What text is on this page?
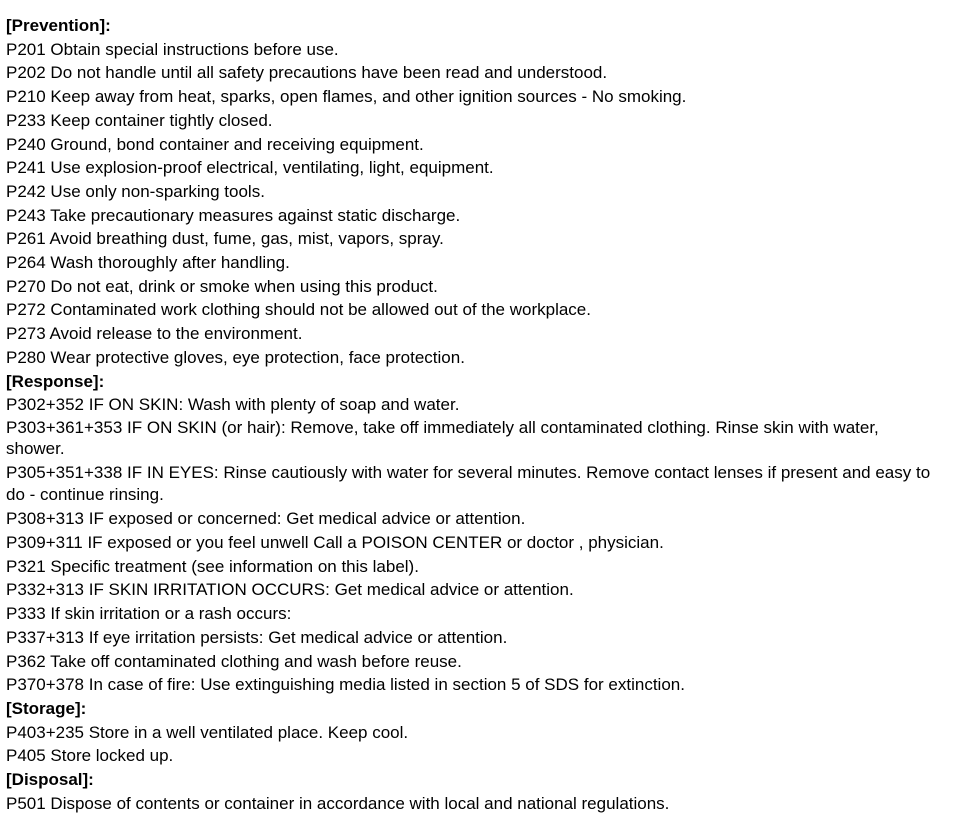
[Prevention]:
P201 Obtain special instructions before use.
P202 Do not handle until all safety precautions have been read and understood.
P210 Keep away from heat, sparks, open flames, and other ignition sources - No smoking.
P233 Keep container tightly closed.
P240 Ground, bond container and receiving equipment.
P241 Use explosion-proof electrical, ventilating, light, equipment.
P242 Use only non-sparking tools.
P243 Take precautionary measures against static discharge.
P261 Avoid breathing dust, fume, gas, mist, vapors, spray.
P264 Wash thoroughly after handling.
P270 Do not eat, drink or smoke when using this product.
P272 Contaminated work clothing should not be allowed out of the workplace.
P273 Avoid release to the environment.
P280 Wear protective gloves, eye protection, face protection.
[Response]:
P302+352 IF ON SKIN: Wash with plenty of soap and water.
P303+361+353 IF ON SKIN (or hair): Remove, take off immediately all contaminated clothing. Rinse skin with water, shower.
P305+351+338 IF IN EYES: Rinse cautiously with water for several minutes. Remove contact lenses if present and easy to do - continue rinsing.
P308+313 IF exposed or concerned: Get medical advice or attention.
P309+311 IF exposed or you feel unwell Call a POISON CENTER or doctor , physician.
P321 Specific treatment (see information on this label).
P332+313 IF SKIN IRRITATION OCCURS: Get medical advice or attention.
P333 If skin irritation or a rash occurs:
P337+313 If eye irritation persists: Get medical advice or attention.
P362 Take off contaminated clothing and wash before reuse.
P370+378 In case of fire: Use extinguishing media listed in section 5 of SDS for extinction.
[Storage]:
P403+235 Store in a well ventilated place. Keep cool.
P405 Store locked up.
[Disposal]:
P501 Dispose of contents or container in accordance with local and national regulations.
